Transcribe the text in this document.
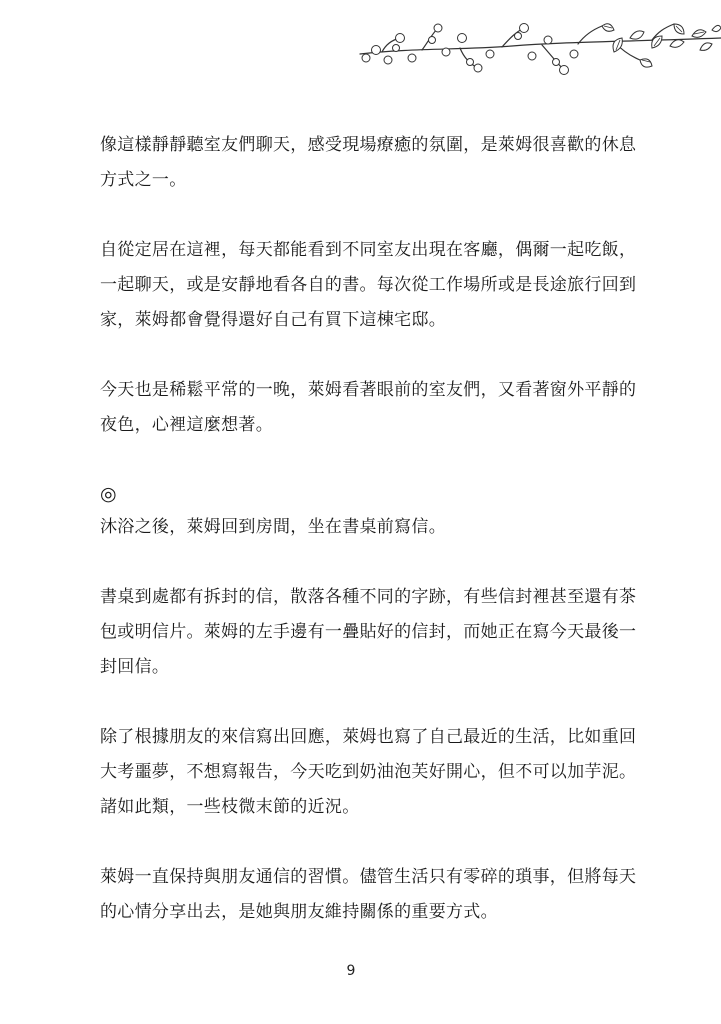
像這樣靜靜聽室友們聊天，感受現場療癒的氛圍，是萊姆很喜歡的休息方式之一。

自從定居在這裡，每天都能看到不同室友出現在客廳，偶爾一起吃飯，一起聊天，或是安靜地看各自的書。每次從工作場所或是長途旅行回到家，萊姆都會覺得還好自己有買下這棟宅邸。

今天也是稀鬆平常的一晚，萊姆看著眼前的室友們，又看著窗外平靜的夜色，心裡這麼想著。

◎

沐浴之後，萊姆回到房間，坐在書桌前寫信。

書桌到處都有拆封的信，散落各種不同的字跡，有些信封裡甚至還有茶包或明信片。萊姆的左手邊有一疊貼好的信封，而她正在寫今天最後一封回信。

除了根據朋友的來信寫出回應，萊姆也寫了自己最近的生活，比如重回大考噩夢，不想寫報告，今天吃到奶油泡芙好開心，但不可以加芋泥。諸如此類，一些枝微末節的近況。

萊姆一直保持與朋友通信的習慣。儘管生活只有零碎的瑣事，但將每天的心情分享出去，是她與朋友維持關係的重要方式。

9
